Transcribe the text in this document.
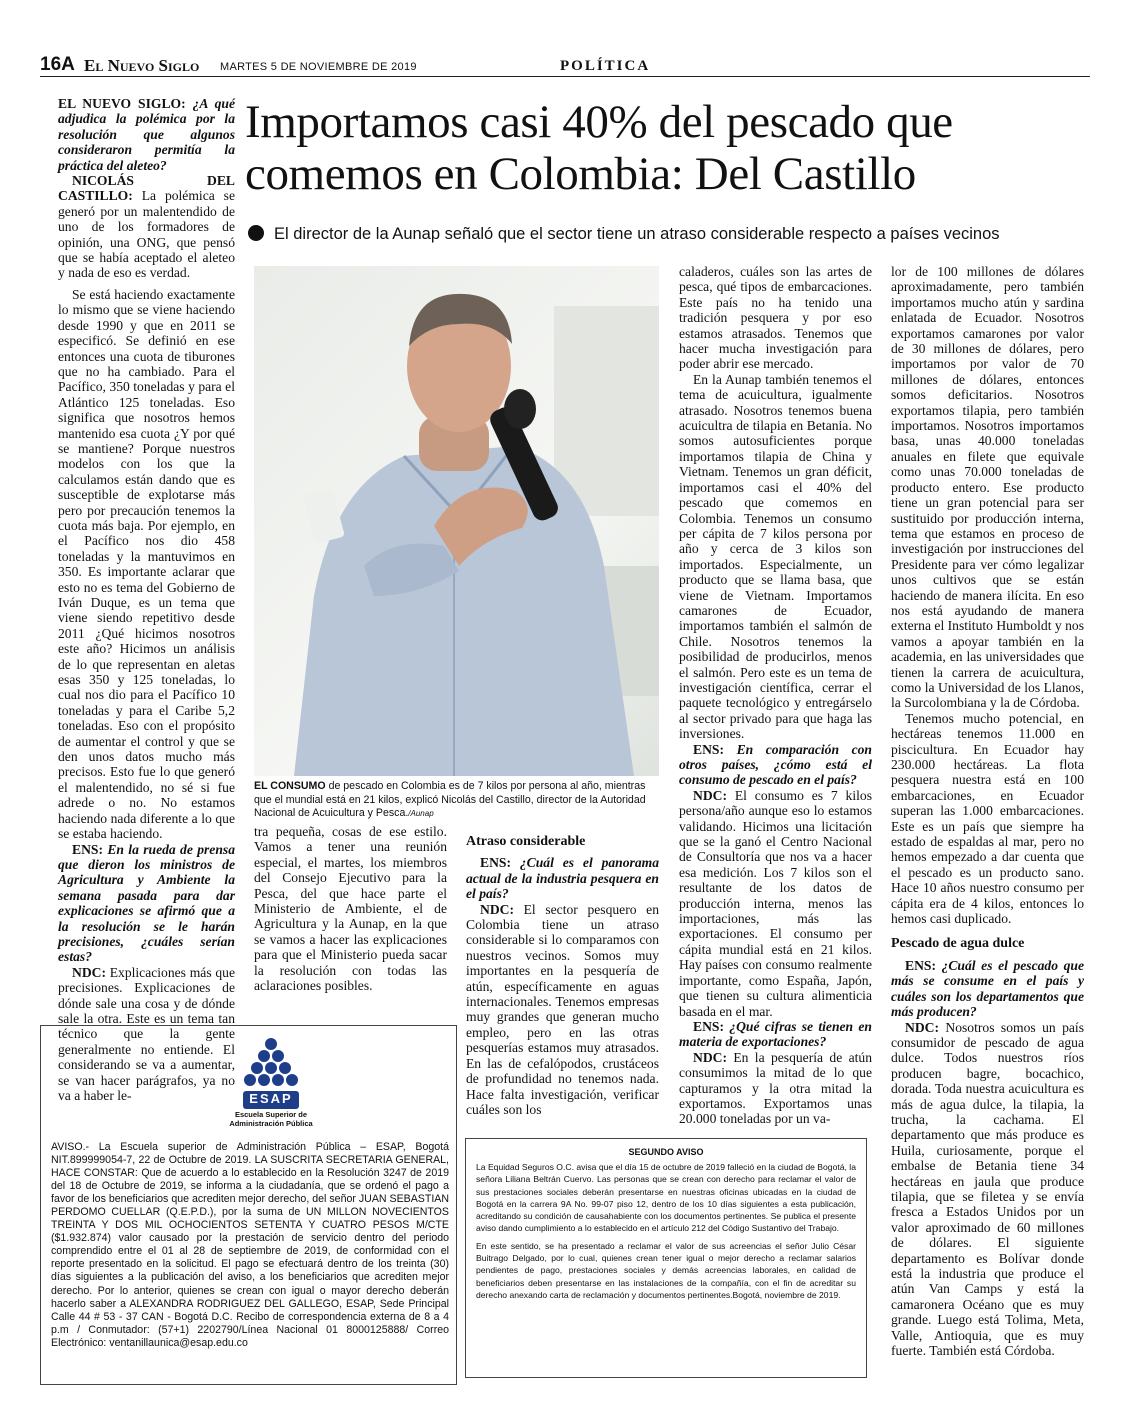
16A El Nuevo Siglo MARTES 5 DE NOVIEMBRE DE 2019	POLÍTICA

EL NUEVO SIGLO: ¿A qué adjudica la polémica por la resolución que algunos consideraron permitía la práctica del aleteo?

NICOLÁS DEL CASTILLO: La polémica se generó por un malentendido de uno de los formadores de opinión, una ONG, que pensó que se había aceptado el aleteo y nada de eso es verdad.

Se está haciendo exactamente lo mismo que se viene haciendo desde 1990 y que en 2011 se especificó. Se definió en ese entonces una cuota de tiburones que no ha cambiado. Para el Pacífico, 350 toneladas y para el Atlántico 125 toneladas. Eso significa que nosotros hemos mantenido esa cuota ¿Y por qué se mantiene? Porque nuestros modelos con los que la calculamos están dando que es susceptible de explotarse más pero por precaución tenemos la cuota más baja. Por ejemplo, en el Pacífico nos dio 458 toneladas y la mantuvimos en 350. Es importante aclarar que esto no es tema del Gobierno de Iván Duque, es un tema que viene siendo repetitivo desde 2011 ¿Qué hicimos nosotros este año? Hicimos un análisis de lo que representan en aletas esas 350 y 125 toneladas, lo cual nos dio para el Pacífico 10 toneladas y para el Caribe 5,2 toneladas. Eso con el propósito de aumentar el control y que se den unos datos mucho más precisos. Esto fue lo que generó el malentendido, no sé si fue adrede o no. No estamos haciendo nada diferente a lo que se estaba haciendo.

ENS: En la rueda de prensa que dieron los ministros de Agricultura y Ambiente la semana pasada para dar explicaciones se afirmó que a la resolución se le harán precisiones, ¿cuáles serían estas?

NDC: Explicaciones más que precisiones. Explicaciones de dónde sale una cosa y de dónde sale la otra. Este es un tema tan técnico que la gente generalmente no entiende. El considerando se va a aumentar, se van hacer parágrafos, ya no va a haber le-

Importamos casi 40% del pescado que comemos en Colombia: Del Castillo
El director de la Aunap señaló que el sector tiene un atraso considerable respecto a países vecinos
EL CONSUMO de pescado en Colombia es de 7 kilos por persona al año, mientras que el mundial está en 21 kilos, explicó Nicolás del Castillo, director de la Autoridad Nacional de Acuicultura y Pesca./Aunap

tra pequeña, cosas de ese estilo. Vamos a tener una reunión especial, el martes, los miembros del Consejo Ejecutivo para la Pesca, del que hace parte el Ministerio de Ambiente, el de Agricultura y la Aunap, en la que se vamos a hacer las explicaciones para que el Ministerio pueda sacar la resolución con todas las aclaraciones posibles.

Atraso considerable

ENS: ¿Cuál es el panorama actual de la industria pesquera en el país?

NDC: El sector pesquero en Colombia tiene un atraso considerable si lo comparamos con nuestros vecinos. Somos muy importantes en la pesquería de atún, específicamente en aguas internacionales. Tenemos empresas muy grandes que generan mucho empleo, pero en las otras pesquerías estamos muy atrasados. En las de cefalópodos, crustáceos de profundidad no tenemos nada. Hace falta investigación, verificar cuáles son los

caladeros, cuáles son las artes de pesca, qué tipos de embarcaciones. Este país no ha tenido una tradición pesquera y por eso estamos atrasados. Tenemos que hacer mucha investigación para poder abrir ese mercado.

En la Aunap también tenemos el tema de acuicultura, igualmente atrasado. Nosotros tenemos buena acuicultra de tilapia en Betania. No somos autosuficientes porque importamos tilapia de China y Vietnam. Tenemos un gran déficit, importamos casi el 40% del pescado que comemos en Colombia. Tenemos un consumo per cápita de 7 kilos persona por año y cerca de 3 kilos son importados. Especialmente, un producto que se llama basa, que viene de Vietnam. Importamos camarones de Ecuador, importamos también el salmón de Chile. Nosotros tenemos la posibilidad de producirlos, menos el salmón. Pero este es un tema de investigación científica, cerrar el paquete tecnológico y entregárselo al sector privado para que haga las inversiones.

ENS: En comparación con otros países, ¿cómo está el consumo de pescado en el país?

NDC: El consumo es 7 kilos persona/año aunque eso lo estamos validando. Hicimos una licitación que se la ganó el Centro Nacional de Consultoría que nos va a hacer esa medición. Los 7 kilos son el resultante de los datos de producción interna, menos las importaciones, más las exportaciones. El consumo per cápita mundial está en 21 kilos. Hay países con consumo realmente importante, como España, Japón, que tienen su cultura alimenticia basada en el mar.

ENS: ¿Qué cifras se tienen en materia de exportaciones?

NDC: En la pesquería de atún consumimos la mitad de lo que capturamos y la otra mitad la exportamos. Exportamos unas 20.000 toneladas por un va-

lor de 100 millones de dólares aproximadamente, pero también importamos mucho atún y sardina enlatada de Ecuador. Nosotros exportamos camarones por valor de 30 millones de dólares, pero importamos por valor de 70 millones de dólares, entonces somos deficitarios. Nosotros exportamos tilapia, pero también importamos. Nosotros importamos basa, unas 40.000 toneladas anuales en filete que equivale como unas 70.000 toneladas de producto entero. Ese producto tiene un gran potencial para ser sustituido por producción interna, tema que estamos en proceso de investigación por instrucciones del Presidente para ver cómo legalizar unos cultivos que se están haciendo de manera ilícita. En eso nos está ayudando de manera externa el Instituto Humboldt y nos vamos a apoyar también en la academia, en las universidades que tienen la carrera de acuicultura, como la Universidad de los Llanos, la Surcolombiana y la de Córdoba.

Tenemos mucho potencial, en hectáreas tenemos 11.000 en piscicultura. En Ecuador hay 230.000 hectáreas. La flota pesquera nuestra está en 100 embarcaciones, en Ecuador superan las 1.000 embarcaciones. Este es un país que siempre ha estado de espaldas al mar, pero no hemos empezado a dar cuenta que el pescado es un producto sano. Hace 10 años nuestro consumo per cápita era de 4 kilos, entonces lo hemos casi duplicado.

Pescado de agua dulce

ENS: ¿Cuál es el pescado que más se consume en el país y cuáles son los departamentos que más producen?

NDC: Nosotros somos un país consumidor de pescado de agua dulce. Todos nuestros ríos producen bagre, bocachico, dorada. Toda nuestra acuicultura es más de agua dulce, la tilapia, la trucha, la cachama. El departamento que más produce es Huila, curiosamente, porque el embalse de Betania tiene 34 hectáreas en jaula que produce tilapia, que se filetea y se envía fresca a Estados Unidos por un valor aproximado de 60 millones de dólares. El siguiente departamento es Bolívar donde está la industria que produce el atún Van Camps y está la camaronera Océano que es muy grande. Luego está Tolima, Meta, Valle, Antioquia, que es muy fuerte. También está Córdoba.

ESAP
Escuela Superior de
Administración Pública
AVISO.- La Escuela superior de Administración Pública – ESAP, Bogotá NIT.899999054-7, 22 de Octubre de 2019. LA SUSCRITA SECRETARIA GENERAL, HACE CONSTAR: Que de acuerdo a lo establecido en la Resolución 3247 de 2019 del 18 de Octubre de 2019, se informa a la ciudadanía, que se ordenó el pago a favor de los beneficiarios que acrediten mejor derecho, del señor JUAN SEBASTIAN PERDOMO CUELLAR (Q.E.P.D.), por la suma de UN MILLON NOVECIENTOS TREINTA Y DOS MIL OCHOCIENTOS SETENTA Y CUATRO PESOS M/CTE ($1.932.874) valor causado por la prestación de servicio dentro del periodo comprendido entre el 01 al 28 de septiembre de 2019, de conformidad con el reporte presentado en la solicitud. El pago se efectuará dentro de los treinta (30) días siguientes a la publicación del aviso, a los beneficiarios que acrediten mejor derecho. Por lo anterior, quienes se crean con igual o mayor derecho deberán hacerlo saber a ALEXANDRA RODRIGUEZ DEL GALLEGO, ESAP, Sede Principal Calle 44 # 53 - 37 CAN - Bogotá D.C. Recibo de correspondencia externa de 8 a 4 p.m / Conmutador: (57+1) 2202790/Línea Nacional 01 8000125888/ Correo Electrónico: ventanillaunica@esap.edu.co
SEGUNDO AVISO

La Equidad Seguros O.C. avisa que el día 15 de octubre de 2019 falleció en la ciudad de Bogotá, la señora Liliana Beltrán Cuervo. Las personas que se crean con derecho para reclamar el valor de sus prestaciones sociales deberán presentarse en nuestras oficinas ubicadas en la ciudad de Bogotá en la carrera 9A No. 99-07 piso 12, dentro de los 10 días siguientes a esta publicación, acreditando su condición de causahabiente con los documentos pertinentes. Se publica el presente aviso dando cumplimiento a lo establecido en el artículo 212 del Código Sustantivo del Trabajo.

En este sentido, se ha presentado a reclamar el valor de sus acreencias el señor Julio César Buitrago Delgado, por lo cual, quienes crean tener igual o mejor derecho a reclamar salarios pendientes de pago, prestaciones sociales y demás acreencias laborales, en calidad de beneficiarios deben presentarse en las instalaciones de la compañía, con el fin de acreditar su derecho anexando carta de reclamación y documentos pertinentes.Bogotá, noviembre de 2019.
